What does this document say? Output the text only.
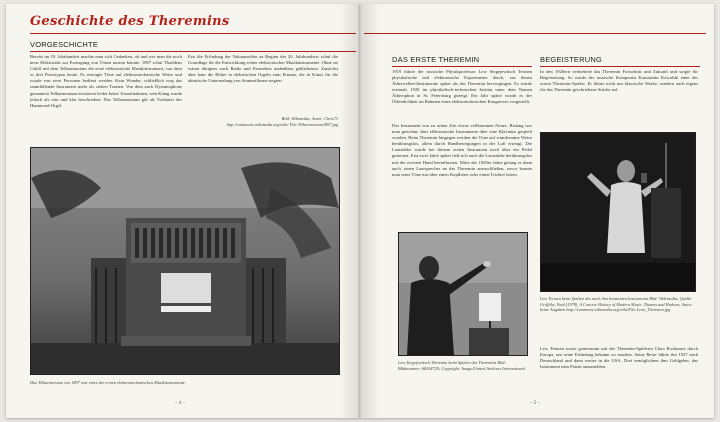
Geschichte des Theremins
VORGESCHICHTE
Bereits im 19. Jahrhundert machte man sich Gedanken, ob und wie man die noch neue Elektrizität zur Erzeugung von Tönen nutzen könnte. 1897 schuf Thaddeus Cahill mit dem Telharmonium die erste elektronische Musikinstrument, von dem es drei Prototypen heute. Es erzeugte Töne auf elektromechanische Weise und wurde von zwei Personen bedient werden. Kein Wunder, schließlich weg das raumfüllende Instrument mehr als sieben Tonnen. Von dem auch Dynamophone genannten Telharmonium existieren leider keine Tonaufnahmen, sein Klang wurde jedoch als rein und klar beschrieben. Das Telharmonium gilt als Vorläufer der Hammond-Orgel.
Erst die Erfindung der Vakuumröhre zu Beginn des 20. Jahrhunderts schuf die Grundlage für die Entwicklung echter elektronischer Musikinstrumente. Ohne sie wären übrigens auch Radio und Fernsehen undenkbar gebliebenen. Zunächst aber kam die Röhre in elektrischen Orgeln zum Einsatz, die in Kinos für die akustische Untermalung von Stummfilmen sorgten.
Bild: Wikimedia; Autor: Chris73 http://commons.wikimedia.org/wiki/ File:Telharmonium1897.jpg
Das Telharmonium von 1897 war eines der ersten elektromechanischen Musikinstrumente.
– 4 –
DAS ERSTE THEREMIN
1919 führte der russische Physikprofessor Lew Sergejewitsch Termen physikalische und elektronische Experimente durch, aus denen Ätherwellen-Instrumente später als das Theremin hervorgingen. Es wurde erstmals 1920 im physikalisch-technischen Institut unter dem Namen Ätherophon in St. Petersburg gezeigt. Ein Jahr später wurde es der Öffentlichkeit im Rahmen eines elektrotechnischen Kongresses vorgestellt.
Das Instrument war zu seiner Zeit etwas vollkommen Neues. Bislang war man gewohnt, dass elektronische Instrumente über eine Klaviatur gespielt wurden. Beim Theremin hingegen werden die Töne auf wundersame Weise berührungslos, allein durch Handbewegungen in der Luft erzeugt. Die Lautstärke wurde bei diesem ersten Instrument noch über ein Pedal gesteuert. Erst zwei Jahre später ließ sich auch die Lautstärke berührungslos mit der zweiten Hand beeinflussen. Mitte der 1920er Jahre gelang es dann auch, einen Lautsprecher an das Theremin anzuschließen, zuvor konnte man seine Töne nur über einen Kopfhörer oder einen Trichter hören.
Lew Sergejewitsch Theremin beim Spielen des Theremins Bild: Bildnummer: 68204729; Copyright: Imago/United Archives International
BEGEISTERUNG
In den 1920ern verbreitete das Theremin Fortschritt und Zukunft und sorgte für Begeisterung. So wurde der russische Komponist Konstantin Kowalski einer der ersten Theremin-Spieler. Er führte nicht nur klassische Werke, sondern auch eigens für das Theremin geschriebene Stücke auf.
Lew Termen beim Spielen des nach ihm benannten Instruments Bild: Wikimedia; Quelle: Griffiths, Paul (1978). A Concise History of Modern Music. Thames and Hudson; Autor: keine Angaben http://commons.wikimedia.org/wiki/File:Leon_Theremin.jpg
Lew Termen tourte gemeinsam mit der Theremin-Spielerin Clara Rockmore durch Europa, um seine Erfindung bekannt zu machen. Seine Reise führte ihn 1927 nach Deutschland und dann weiter in die USA. Dort ermöglichten ihm Geldgeber, das Instrument zum Patent anzumelden.
– 5 –
